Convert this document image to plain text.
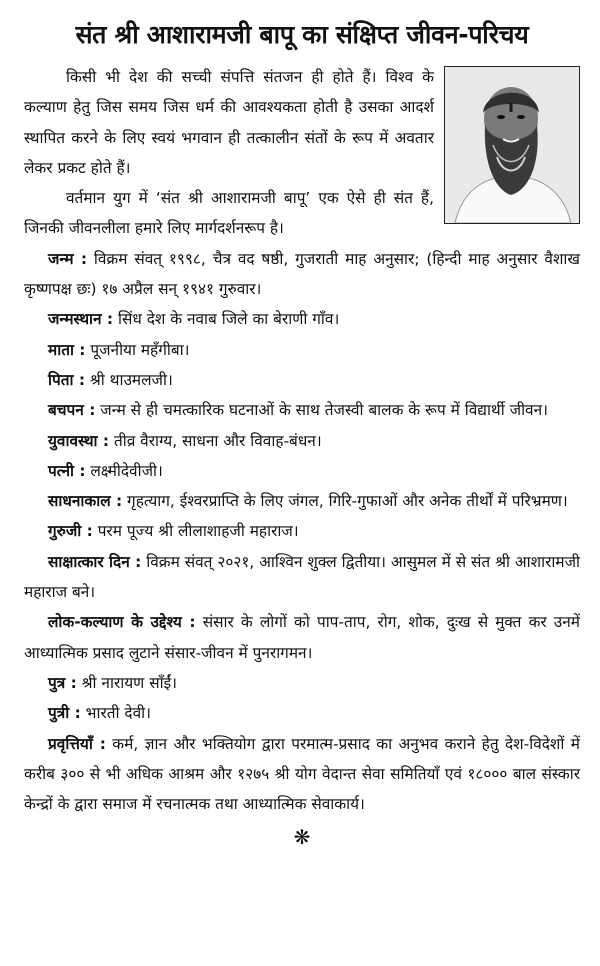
संत श्री आशारामजी बापू का संक्षिप्त जीवन-परिचय

किसी भी देश की सच्ची संपत्ति संतजन ही होते हैं। विश्व के कल्याण हेतु जिस समय जिस धर्म की आवश्यकता होती है उसका आदर्श स्थापित करने के लिए स्वयं भगवान ही तत्कालीन संतों के रूप में अवतार लेकर प्रकट होते हैं।

वर्तमान युग में ‘संत श्री आशारामजी बापू’ एक ऐसे ही संत हैं, जिनकी जीवनलीला हमारे लिए मार्गदर्शनरूप है।

जन्म : विक्रम संवत् १९९८, चैत्र वद षष्ठी, गुजराती माह अनुसार; (हिन्दी माह अनुसार वैशाख कृष्णपक्ष छः) १७ अप्रैल सन् १९४१ गुरुवार।

जन्मस्थान : सिंध देश के नवाब जिले का बेराणी गाँव।

माता : पूजनीया महँगीबा।

पिता : श्री थाउमलजी।

बचपन : जन्म से ही चमत्कारिक घटनाओं के साथ तेजस्वी बालक के रूप में विद्यार्थी जीवन।

युवावस्था : तीव्र वैराग्य, साधना और विवाह-बंधन।

पत्नी : लक्ष्मीदेवीजी।

साधनाकाल : गृहत्याग, ईश्वरप्राप्ति के लिए जंगल, गिरि-गुफाओं और अनेक तीर्थों में परिभ्रमण।

गुरुजी : परम पूज्य श्री लीलाशाहजी महाराज।

साक्षात्कार दिन : विक्रम संवत् २०२१, आश्विन शुक्ल द्वितीया। आसुमल में से संत श्री आशारामजी महाराज बने।

लोक-कल्याण के उद्देश्य : संसार के लोगों को पाप-ताप, रोग, शोक, दुःख से मुक्त कर उनमें आध्यात्मिक प्रसाद लुटाने संसार-जीवन में पुनरागमन।

पुत्र : श्री नारायण साँईं।

पुत्री : भारती देवी।

प्रवृत्तियाँ : कर्म, ज्ञान और भक्तियोग द्वारा परमात्म-प्रसाद का अनुभव कराने हेतु देश-विदेशों में करीब ३०० से भी अधिक आश्रम और १२७५ श्री योग वेदान्त सेवा समितियाँ एवं १८००० बाल संस्कार केन्द्रों के द्वारा समाज में रचनात्मक तथा आध्यात्मिक सेवाकार्य।

❋
